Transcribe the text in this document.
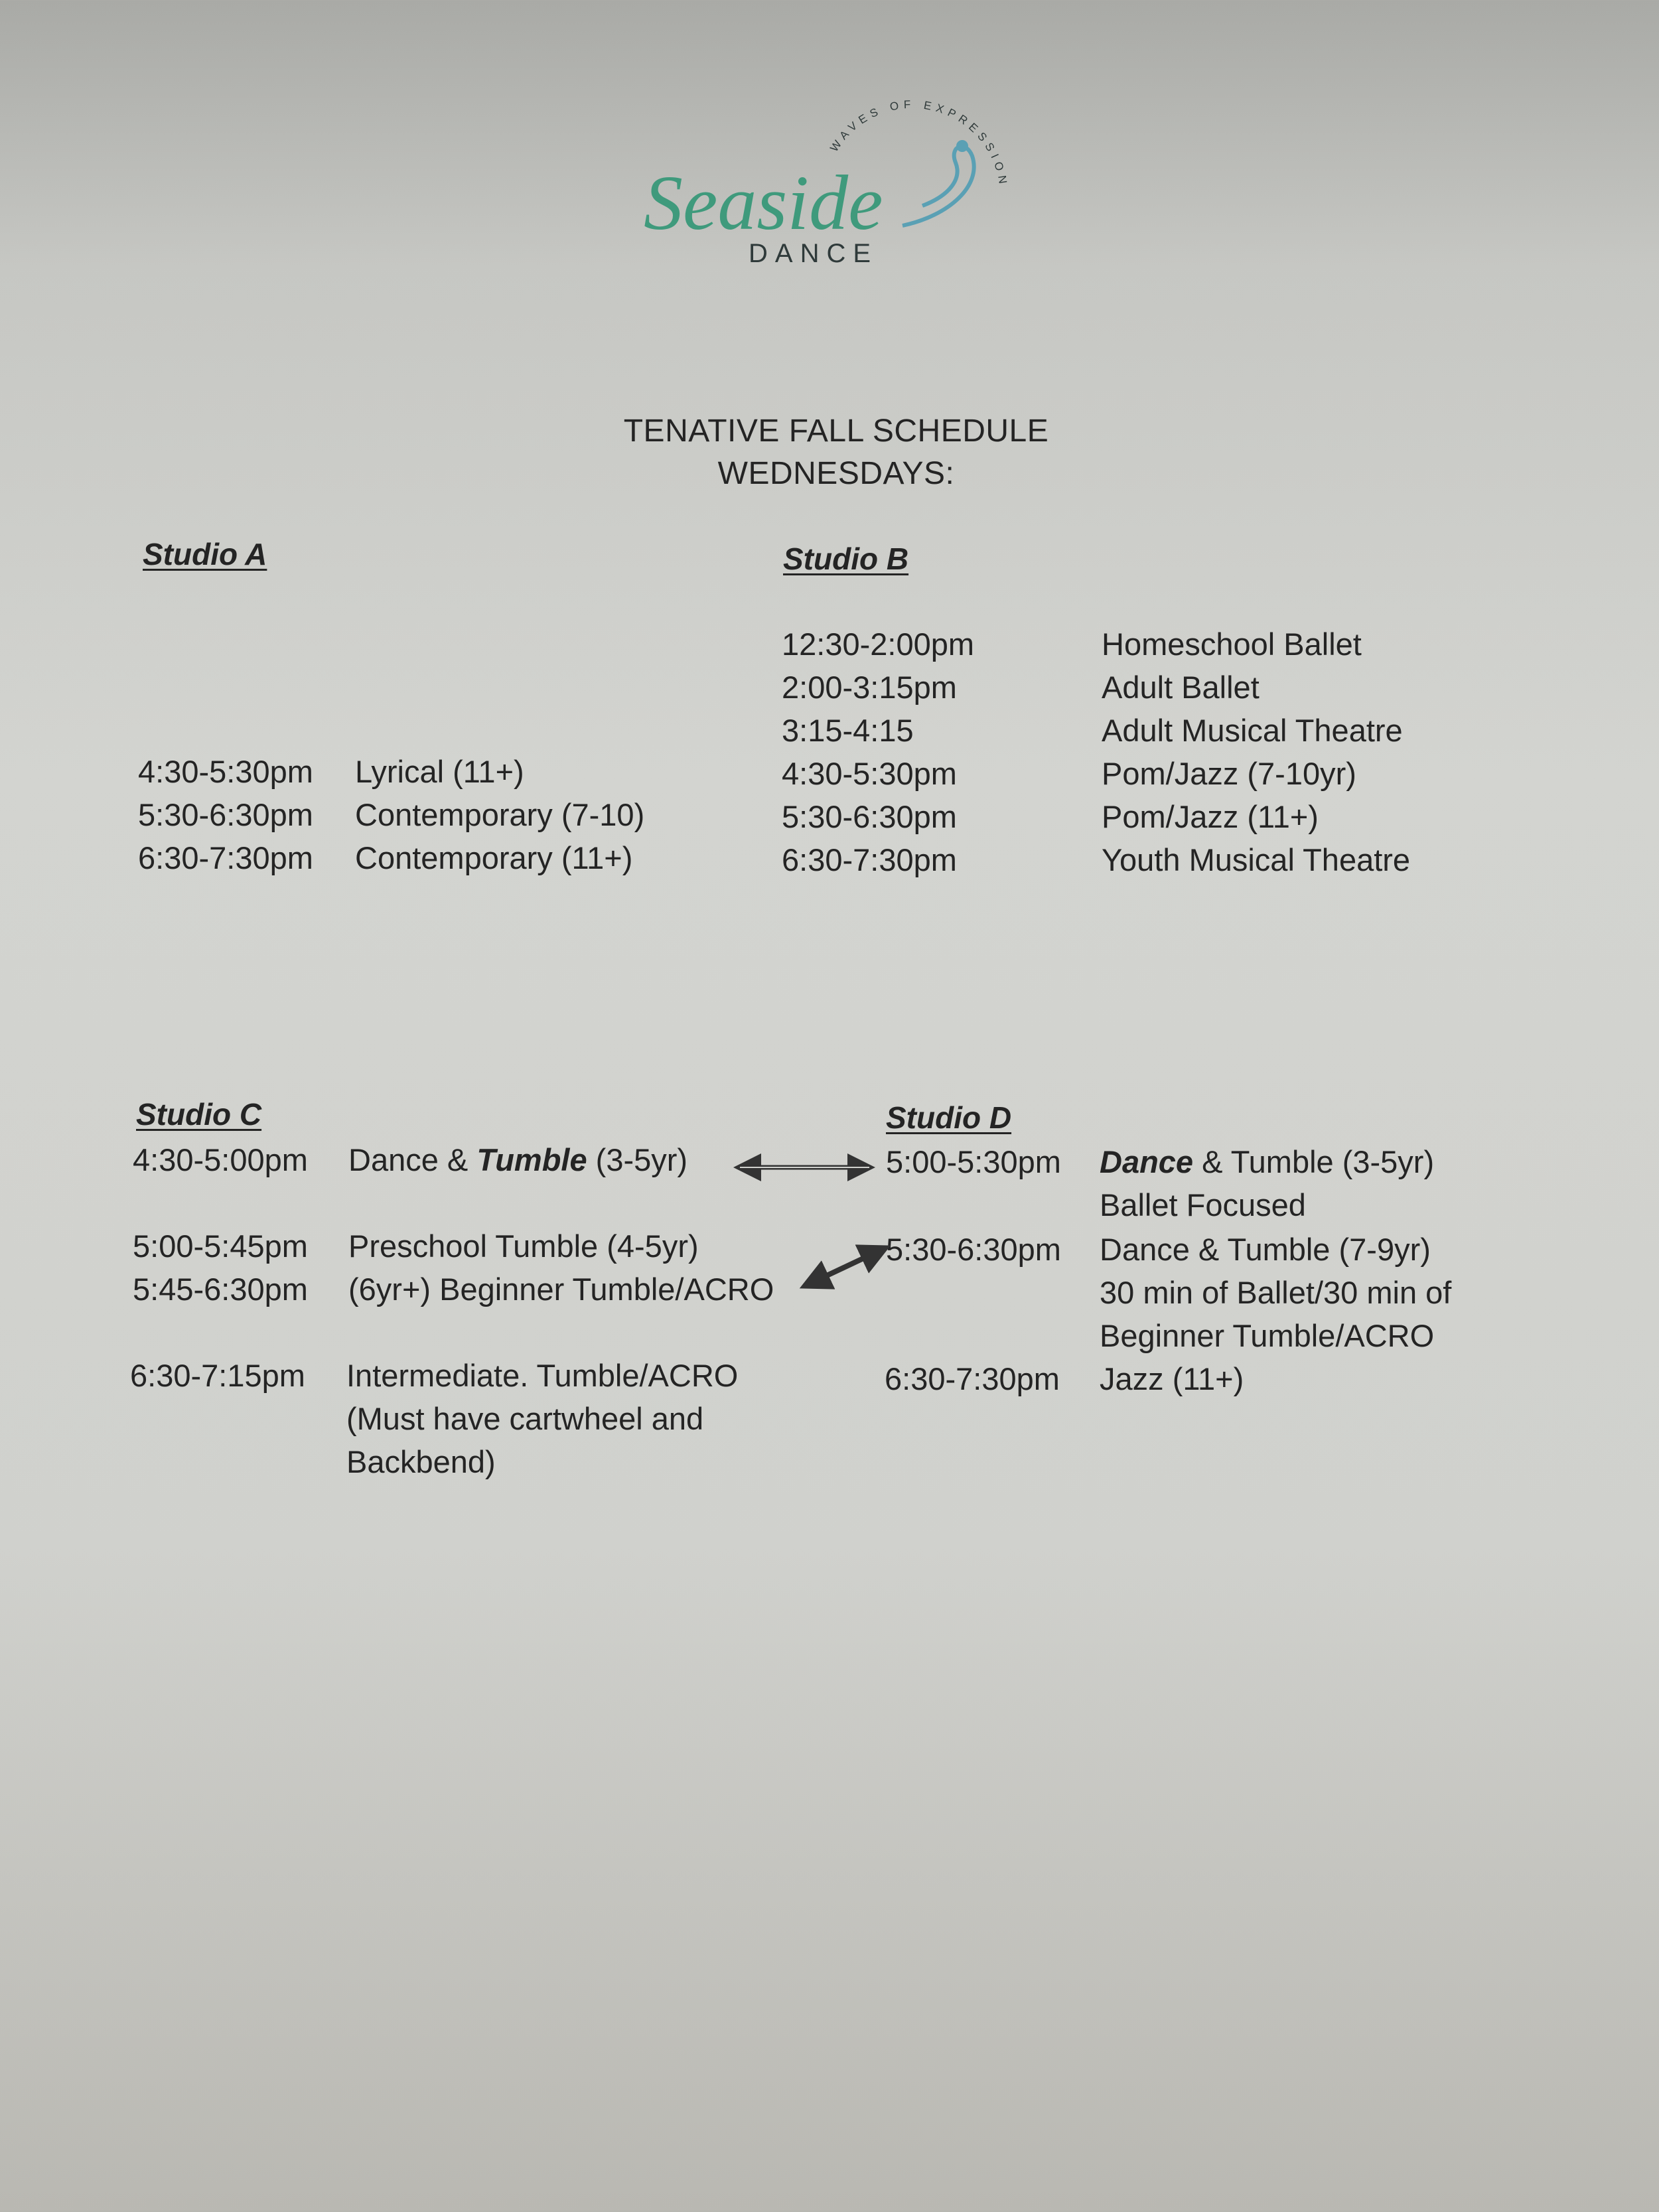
WAVES OF EXPRESSION
Seaside
DANCE
TENATIVE FALL SCHEDULE
WEDNESDAYS:
Studio A
4:30-5:30pm Lyrical (11+)
5:30-6:30pm Contemporary (7-10)
6:30-7:30pm Contemporary (11+)
Studio B
12:30-2:00pm	Homeschool Ballet
2:00-3:15pm	Adult Ballet
3:15-4:15	Adult Musical Theatre
4:30-5:30pm	Pom/Jazz (7-10yr)
5:30-6:30pm	Pom/Jazz (11+)
6:30-7:30pm	Youth Musical Theatre
Studio C
4:30-5:00pm Dance & Tumble (3-5yr)
5:00-5:45pm Preschool Tumble (4-5yr)
5:45-6:30pm (6yr+) Beginner Tumble/ACRO
6:30-7:15pm Intermediate. Tumble/ACRO
(Must have cartwheel and
Backbend)
Studio D
5:00-5:30pm Dance & Tumble (3-5yr)
Ballet Focused
5:30-6:30pm Dance & Tumble (7-9yr)
30 min of Ballet/30 min of
Beginner Tumble/ACRO
6:30-7:30pm Jazz (11+)
